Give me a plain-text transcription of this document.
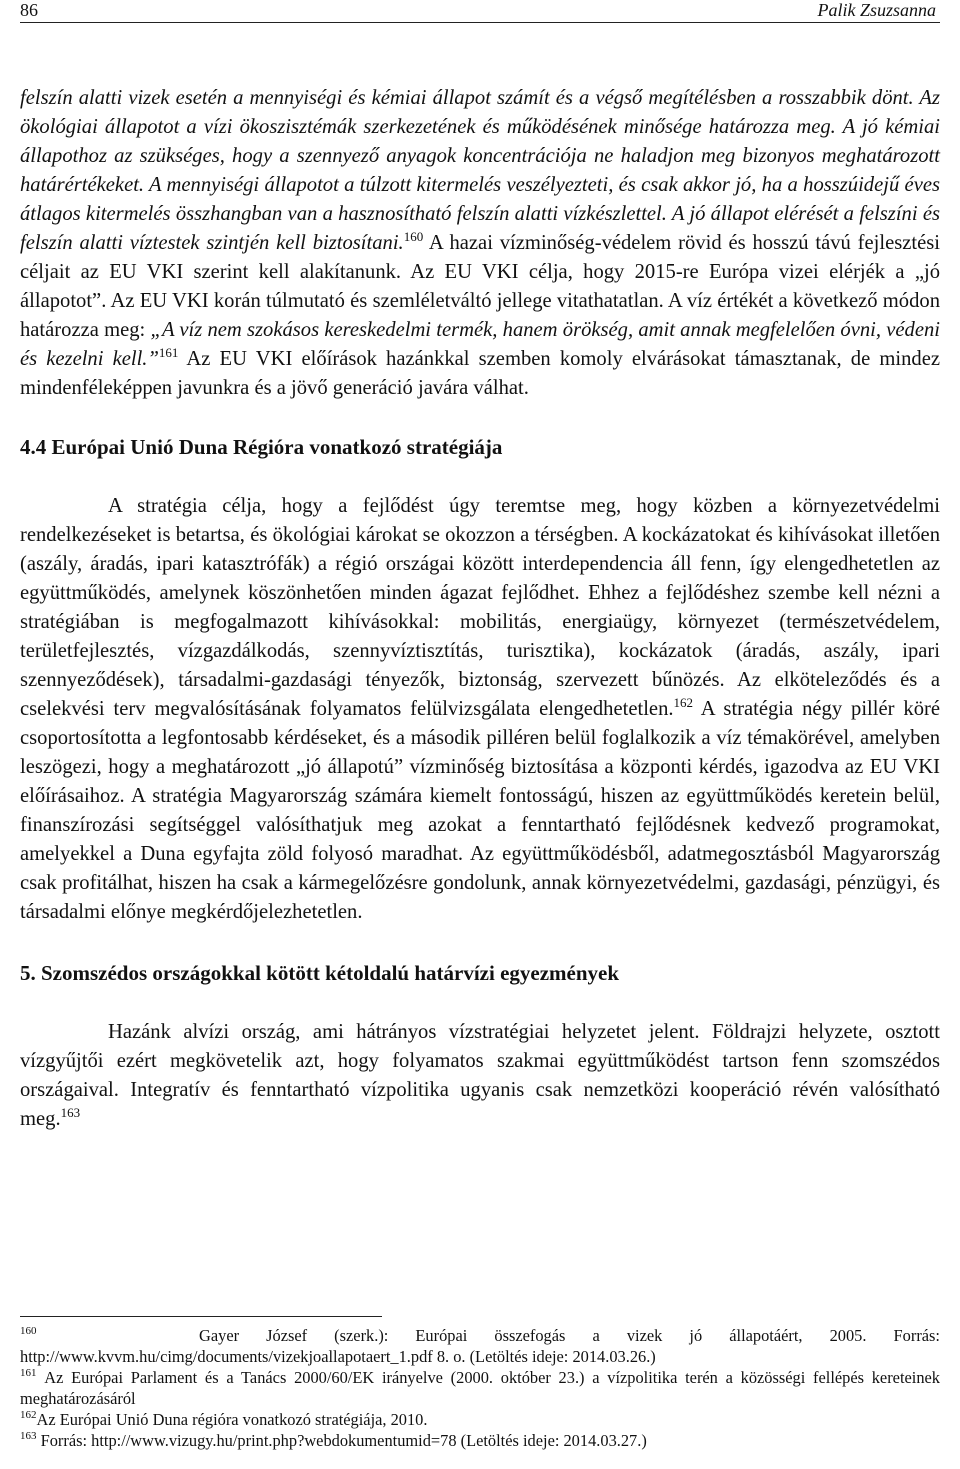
86	Palik Zsuzsanna

felszín alatti vizek esetén a mennyiségi és kémiai állapot számít és a végső megítélésben a rosszabbik dönt. Az ökológiai állapotot a vízi ökoszisztémák szerkezetének és működésének minősége határozza meg. A jó kémiai állapothoz az szükséges, hogy a szennyező anyagok koncentrációja ne haladjon meg bizonyos meghatározott határértékeket. A mennyiségi állapotot a túlzott kitermelés veszélyezteti, és csak akkor jó, ha a hosszúidejű éves átlagos kitermelés összhangban van a hasznosítható felszín alatti vízkészlettel. A jó állapot elérését a felszíni és felszín alatti víztestek szintjén kell biztosítani.$^{160}$ A hazai vízminőség-védelem rövid és hosszú távú fejlesztési céljait az EU VKI szerint kell alakítanunk. Az EU VKI célja, hogy 2015-re Európa vizei elérjék a „jó állapotot”. Az EU VKI korán túlmutató és szemléletváltó jellege vitathatatlan. A víz értékét a következő módon határozza meg: „A víz nem szokásos kereskedelmi termék, hanem örökség, amit annak megfelelően óvni, védeni és kezelni kell.”$^{161}$ Az EU VKI előírások hazánkkal szemben komoly elvárásokat támasztanak, de mindez mindenféleképpen javunkra és a jövő generáció javára válhat.

4.4 Európai Unió Duna Régióra vonatkozó stratégiája

A stratégia célja, hogy a fejlődést úgy teremtse meg, hogy közben a környezetvédelmi rendelkezéseket is betartsa, és ökológiai károkat se okozzon a térségben. A kockázatokat és kihívásokat illetően (aszály, áradás, ipari katasztrófák) a régió országai között interdependencia áll fenn, így elengedhetetlen az együttműködés, amelynek köszönhetően minden ágazat fejlődhet. Ehhez a fejlődéshez szembe kell nézni a stratégiában is megfogalmazott kihívásokkal: mobilitás, energiaügy, környezet (természetvédelem, területfejlesztés, vízgazdálkodás, szennyvíztisztítás, turisztika), kockázatok (áradás, aszály, ipari szennyeződések), társadalmi-gazdasági tényezők, biztonság, szervezett bűnözés. Az elköteleződés és a cselekvési terv megvalósításának folyamatos felülvizsgálata elengedhetetlen.$^{162}$ A stratégia négy pillér köré csoportosította a legfontosabb kérdéseket, és a második pilléren belül foglalkozik a víz témakörével, amelyben leszögezi, hogy a meghatározott „jó állapotú” vízminőség biztosítása a központi kérdés, igazodva az EU VKI előírásaihoz. A stratégia Magyarország számára kiemelt fontosságú, hiszen az együttműködés keretein belül, finanszírozási segítséggel valósíthatjuk meg azokat a fenntartható fejlődésnek kedvező programokat, amelyekkel a Duna egyfajta zöld folyosó maradhat. Az együttműködésből, adatmegosztásból Magyarország csak profitálhat, hiszen ha csak a kármegelőzésre gondolunk, annak környezetvédelmi, gazdasági, pénzügyi, és társadalmi előnye megkérdőjelezhetetlen.

5. Szomszédos országokkal kötött kétoldalú határvízi egyezmények

Hazánk alvízi ország, ami hátrányos vízstratégiai helyzetet jelent. Földrajzi helyzete, osztott vízgyűjtői ezért megkövetelik azt, hogy folyamatos szakmai együttműködést tartson fenn szomszédos országaival. Integratív és fenntartható vízpolitika ugyanis csak nemzetközi kooperáció révén valósítható meg.$^{163}$

$^{160}$	Gayer József (szerk.): Európai összefogás a vizek jó állapotáért, 2005. Forrás: http://www.kvvm.hu/cimg/documents/vizekjoallapotaert_1.pdf 8. o. (Letöltés ideje: 2014.03.26.)

$^{161}$ Az Európai Parlament és a Tanács 2000/60/EK irányelve (2000. október 23.) a vízpolitika terén a közösségi fellépés kereteinek meghatározásáról

$^{162}$Az Európai Unió Duna régióra vonatkozó stratégiája, 2010.

$^{163}$ Forrás: http://www.vizugy.hu/print.php?webdokumentumid=78 (Letöltés ideje: 2014.03.27.)
